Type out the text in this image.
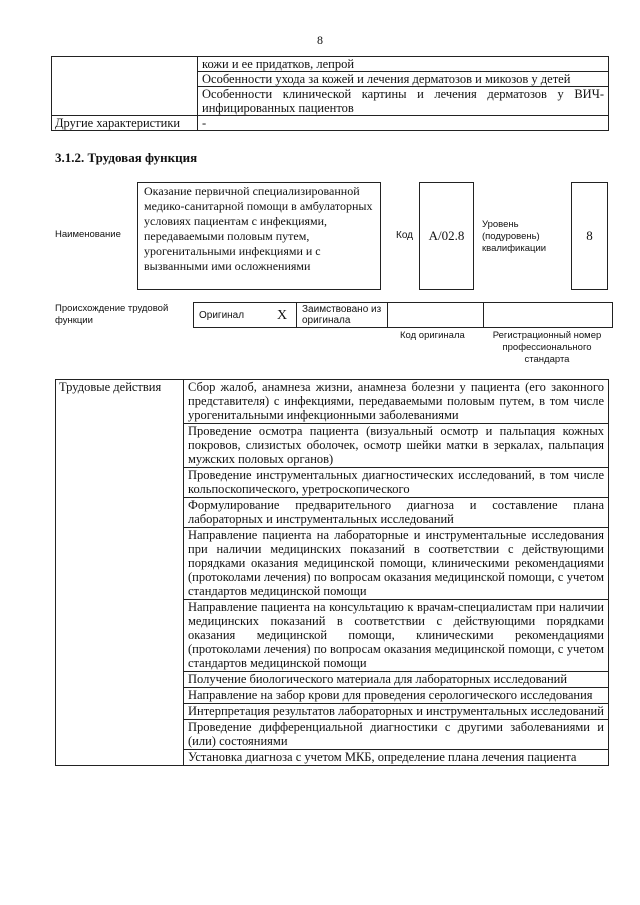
8
	кожи и ее придатков, лепрой
	Особенности ухода за кожей и лечения дерматозов и микозов у детей
	Особенности клинической картины и лечения дерматозов у ВИЧ-инфицированных пациентов
Другие характеристики	-
3.1.2. Трудовая функция
Наименование
Оказание первичной специализированной медико-санитарной помощи в амбулаторных условиях пациентам с инфекциями, передаваемыми половым путем, урогенитальными инфекциями и с вызванными ими осложнениями
Код	A/02.8
Уровень (подуровень) квалификации
8
Происхождение трудовой функции	Оригинал	X	Заимствовано из оригинала		
Код оригинала	Регистрационный номер профессионального стандарта
Трудовые действия	Сбор жалоб, анамнеза жизни, анамнеза болезни у пациента (его законного представителя) с инфекциями, передаваемыми половым путем, в том числе урогенитальными инфекционными заболеваниями
Проведение осмотра пациента (визуальный осмотр и пальпация кожных покровов, слизистых оболочек, осмотр шейки матки в зеркалах, пальпация мужских половых органов)
Проведение инструментальных диагностических исследований, в том числе кольпоскопического, уретроскопического
Формулирование предварительного диагноза и составление плана лабораторных и инструментальных исследований
Направление пациента на лабораторные и инструментальные исследования при наличии медицинских показаний в соответствии с действующими порядками оказания медицинской помощи, клиническими рекомендациями (протоколами лечения) по вопросам оказания медицинской помощи, с учетом стандартов медицинской помощи
Направление пациента на консультацию к врачам-специалистам при наличии медицинских показаний в соответствии с действующими порядками оказания медицинской помощи, клиническими рекомендациями (протоколами лечения) по вопросам оказания медицинской помощи, с учетом стандартов медицинской помощи
Получение биологического материала для лабораторных исследований
Направление на забор крови для проведения серологического исследования
Интерпретация результатов лабораторных и инструментальных исследований
Проведение дифференциальной диагностики с другими заболеваниями и (или) состояниями
Установка диагноза с учетом МКБ, определение плана лечения пациента
